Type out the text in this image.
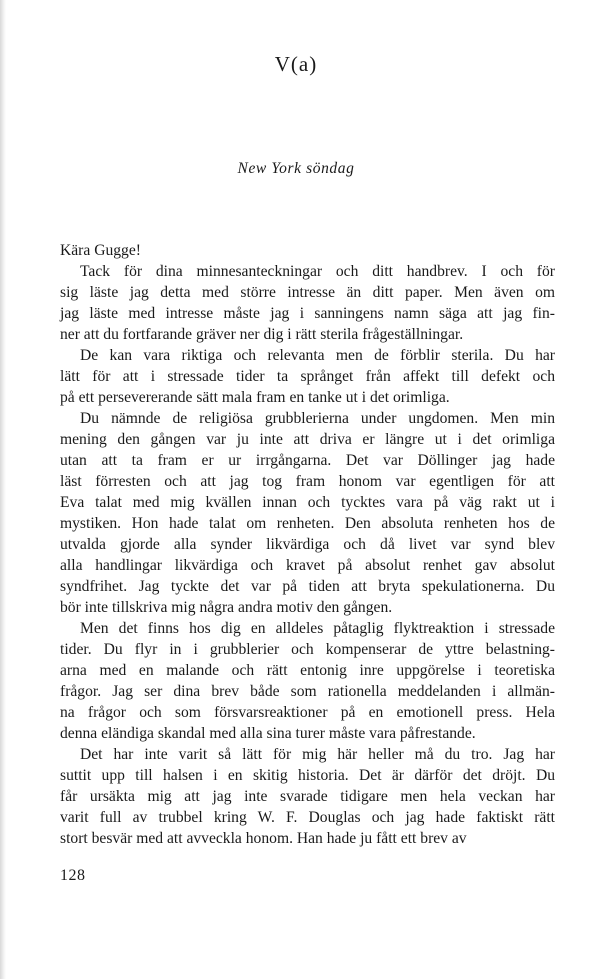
V(a)
New York söndag

Kära Gugge!

Tack för dina minnesanteckningar och ditt handbrev. I och för
sig läste jag detta med större intresse än ditt paper. Men även om
jag läste med intresse måste jag i sanningens namn säga att jag fin-
ner att du fortfarande gräver ner dig i rätt sterila frågeställningar.
De kan vara riktiga och relevanta men de förblir sterila. Du har
lätt för att i stressade tider ta språnget från affekt till defekt och
på ett persevererande sätt mala fram en tanke ut i det orimliga.
Du nämnde de religiösa grubblerierna under ungdomen. Men min
mening den gången var ju inte att driva er längre ut i det orimliga
utan att ta fram er ur irrgångarna. Det var Döllinger jag hade
läst förresten och att jag tog fram honom var egentligen för att
Eva talat med mig kvällen innan och tycktes vara på väg rakt ut i
mystiken. Hon hade talat om renheten. Den absoluta renheten hos de
utvalda gjorde alla synder likvärdiga och då livet var synd blev
alla handlingar likvärdiga och kravet på absolut renhet gav absolut
syndfrihet. Jag tyckte det var på tiden att bryta spekulationerna. Du
bör inte tillskriva mig några andra motiv den gången.
Men det finns hos dig en alldeles påtaglig flyktreaktion i stressade
tider. Du flyr in i grubblerier och kompenserar de yttre belastning-
arna med en malande och rätt entonig inre uppgörelse i teoretiska
frågor. Jag ser dina brev både som rationella meddelanden i allmän-
na frågor och som försvarsreaktioner på en emotionell press. Hela
denna eländiga skandal med alla sina turer måste vara påfrestande.
Det har inte varit så lätt för mig här heller må du tro. Jag har
suttit upp till halsen i en skitig historia. Det är därför det dröjt. Du
får ursäkta mig att jag inte svarade tidigare men hela veckan har
varit full av trubbel kring W. F. Douglas och jag hade faktiskt rätt
stort besvär med att avveckla honom. Han hade ju fått ett brev av
128
